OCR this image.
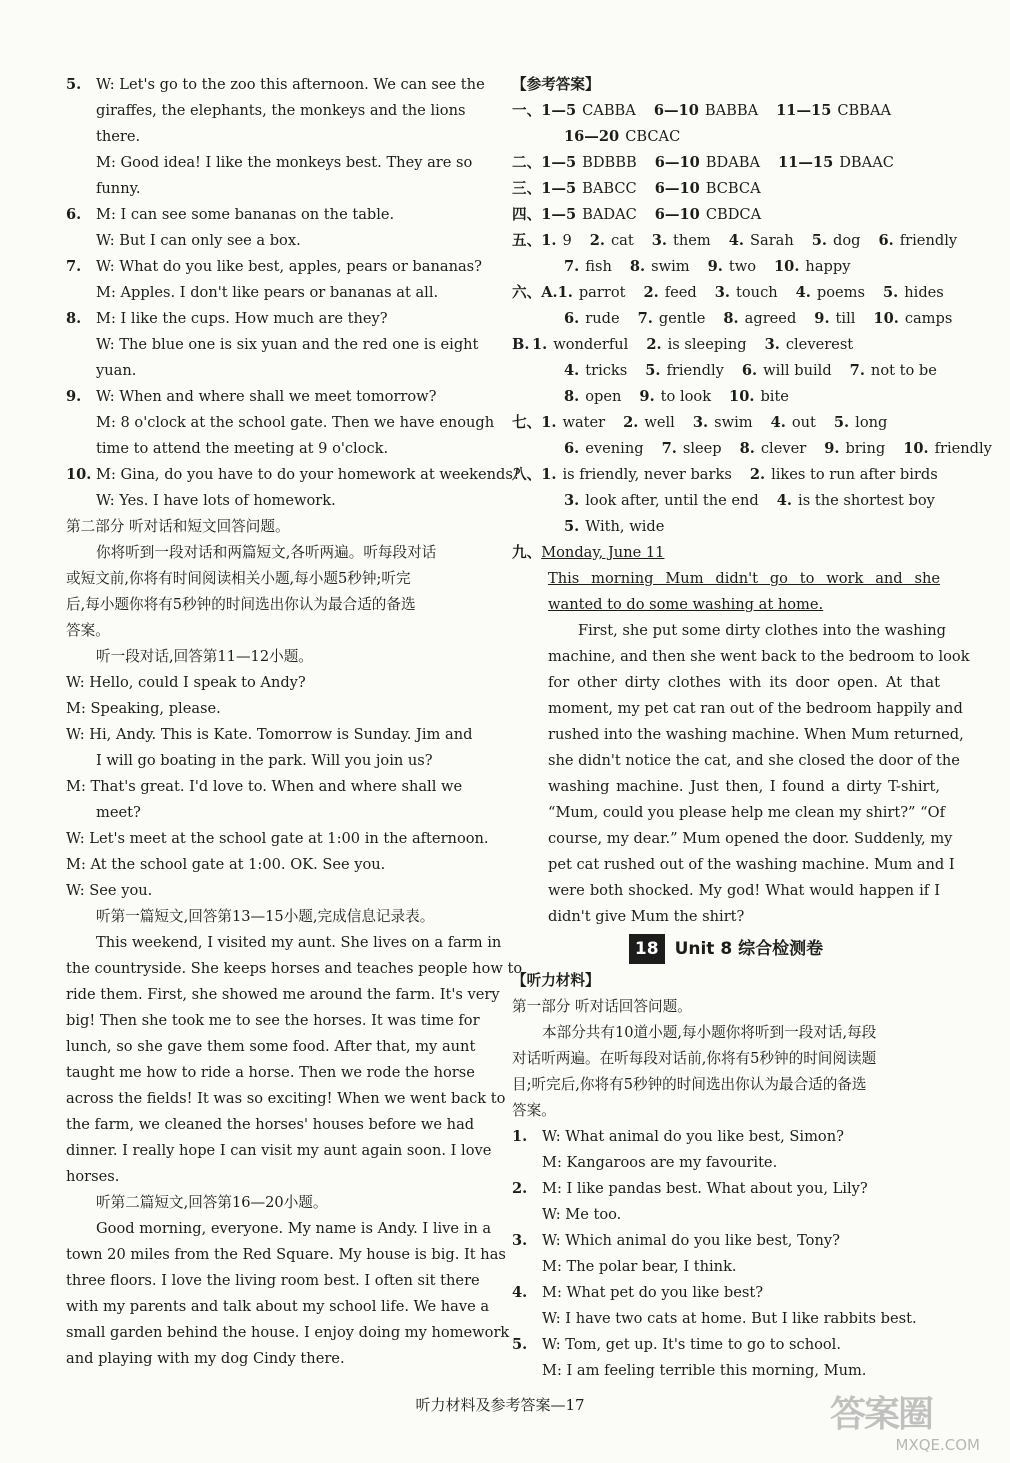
5. W: Let's go to the zoo this afternoon. We can see the
giraffes, the elephants, the monkeys and the lions
there.
M: Good idea! I like the monkeys best. They are so
funny.
6. M: I can see some bananas on the table.
W: But I can only see a box.
7. W: What do you like best, apples, pears or bananas?
M: Apples. I don't like pears or bananas at all.
8. M: I like the cups. How much are they?
W: The blue one is six yuan and the red one is eight
yuan.
9. W: When and where shall we meet tomorrow?
M: 8 o'clock at the school gate. Then we have enough
time to attend the meeting at 9 o'clock.
10. M: Gina, do you have to do your homework at weekends?
W: Yes. I have lots of homework.
第二部分 听对话和短文回答问题。
你将听到一段对话和两篇短文,各听两遍。听每段对话
或短文前,你将有时间阅读相关小题,每小题5秒钟;听完
后,每小题你将有5秒钟的时间选出你认为最合适的备选
答案。
听一段对话,回答第11—12小题。
W: Hello, could I speak to Andy?
M: Speaking, please.
W: Hi, Andy. This is Kate. Tomorrow is Sunday. Jim and
I will go boating in the park. Will you join us?
M: That's great. I'd love to. When and where shall we
meet?
W: Let's meet at the school gate at 1:00 in the afternoon.
M: At the school gate at 1:00. OK. See you.
W: See you.
听第一篇短文,回答第13—15小题,完成信息记录表。
This weekend, I visited my aunt. She lives on a farm in
the countryside. She keeps horses and teaches people how to
ride them. First, she showed me around the farm. It's very
big! Then she took me to see the horses. It was time for
lunch, so she gave them some food. After that, my aunt
taught me how to ride a horse. Then we rode the horse
across the fields! It was so exciting! When we went back to
the farm, we cleaned the horses' houses before we had
dinner. I really hope I can visit my aunt again soon. I love
horses.
听第二篇短文,回答第16—20小题。
Good morning, everyone. My name is Andy. I live in a
town 20 miles from the Red Square. My house is big. It has
three floors. I love the living room best. I often sit there
with my parents and talk about my school life. We have a
small garden behind the house. I enjoy doing my homework
and playing with my dog Cindy there.
【参考答案】
一、1—5 CABBA 6—10 BABBA 11—15 CBBAA
16—20 CBCAC
二、1—5 BDBBB 6—10 BDABA 11—15 DBAAC
三、1—5 BABCC 6—10 BCBCA
四、1—5 BADAC 6—10 CBDCA
五、1. 9 2. cat 3. them 4. Sarah 5. dog 6. friendly
7. fish 8. swim 9. two 10. happy
六、A.1. parrot 2. feed 3. touch 4. poems 5. hides
6. rude 7. gentle 8. agreed 9. till 10. camps
B. 1. wonderful 2. is sleeping 3. cleverest
4. tricks 5. friendly 6. will build 7. not to be
8. open 9. to look 10. bite
七、1. water 2. well 3. swim 4. out 5. long
6. evening 7. sleep 8. clever 9. bring 10. friendly
八、1. is friendly, never barks 2. likes to run after birds
3. look after, until the end 4. is the shortest boy
5. With, wide
九、Monday, June 11
This morning Mum didn't go to work and she
wanted to do some washing at home.
First, she put some dirty clothes into the washing
machine, and then she went back to the bedroom to look
for other dirty clothes with its door open. At that
moment, my pet cat ran out of the bedroom happily and
rushed into the washing machine. When Mum returned,
she didn't notice the cat, and she closed the door of the
washing machine. Just then, I found a dirty T-shirt,
“Mum, could you please help me clean my shirt?” “Of
course, my dear.” Mum opened the door. Suddenly, my
pet cat rushed out of the washing machine. Mum and I
were both shocked. My god! What would happen if I
didn't give Mum the shirt?
18 Unit 8 综合检测卷
【听力材料】
第一部分 听对话回答问题。
本部分共有10道小题,每小题你将听到一段对话,每段
对话听两遍。在听每段对话前,你将有5秒钟的时间阅读题
目;听完后,你将有5秒钟的时间选出你认为最合适的备选
答案。
1. W: What animal do you like best, Simon?
M: Kangaroos are my favourite.
2. M: I like pandas best. What about you, Lily?
W: Me too.
3. W: Which animal do you like best, Tony?
M: The polar bear, I think.
4. M: What pet do you like best?
W: I have two cats at home. But I like rabbits best.
5. W: Tom, get up. It's time to go to school.
M: I am feeling terrible this morning, Mum.
听力材料及参考答案—17	答案圈
MXQE.COM
